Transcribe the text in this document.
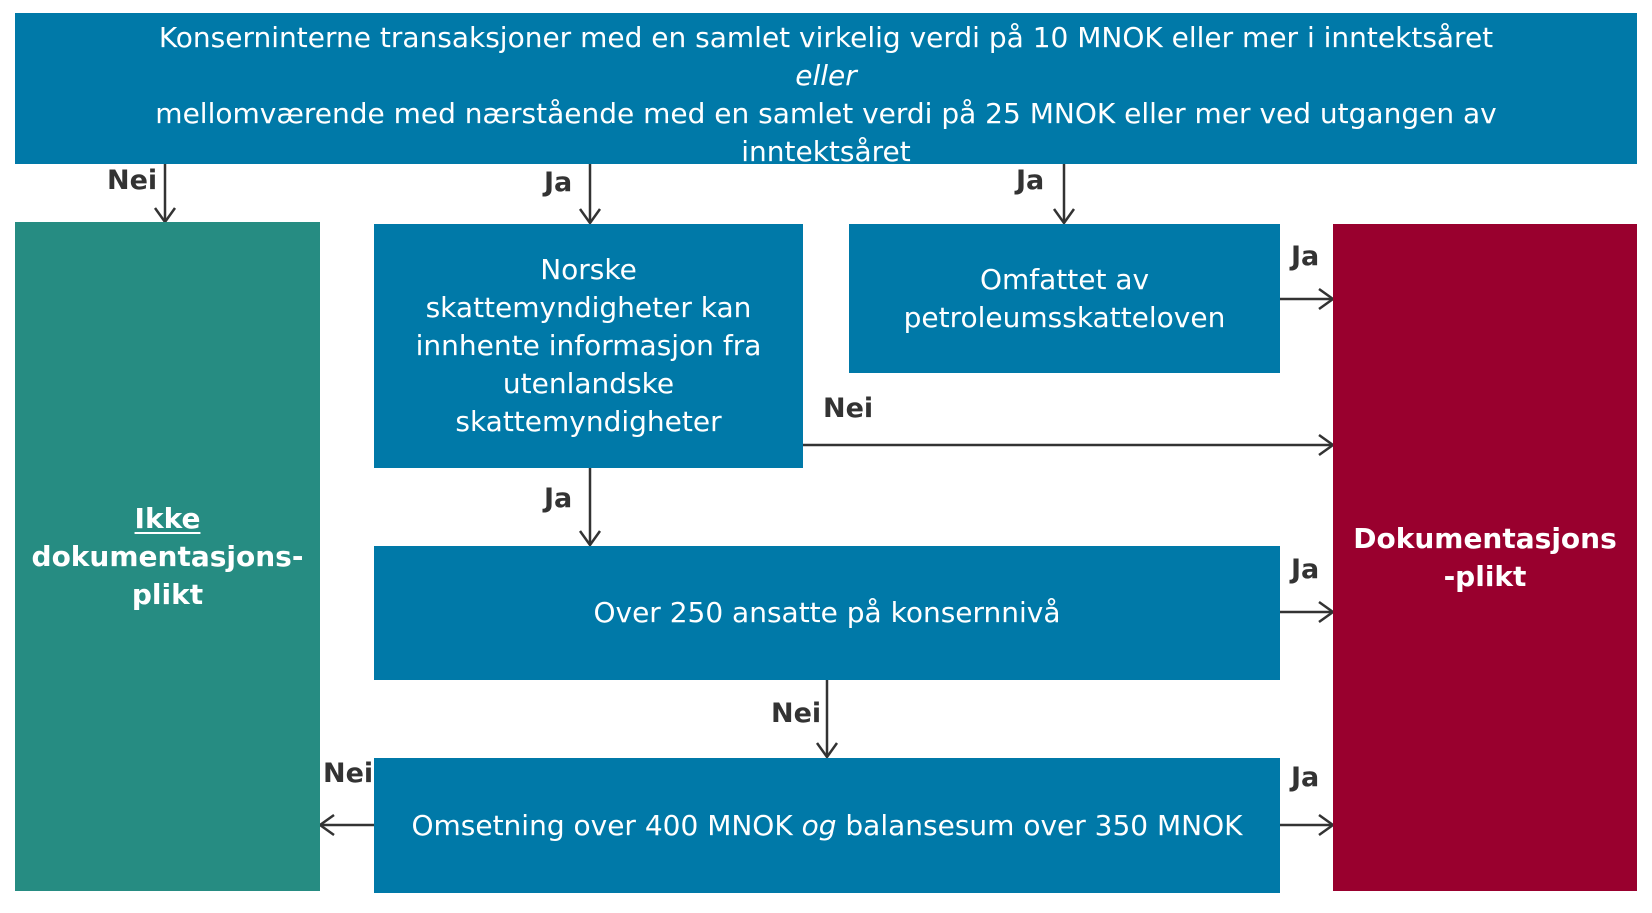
Konserninterne transaksjoner med en samlet virkelig verdi på 10 MNOK eller mer i inntektsåret
eller
mellomværende med nærstående med en samlet verdi på 25 MNOK eller mer ved utgangen av
inntektsåret
Ikke
dokumentasjons-
plikt
Dokumentasjons
-plikt
Norske
skattemyndigheter kan
innhente informasjon fra
utenlandske
skattemyndigheter
Omfattet av
petroleumsskatteloven
Over 250 ansatte på konsernnivå
Omsetning over 400 MNOK og balansesum over 350 MNOK
Nei	Ja	Ja
Ja
Nei
Ja
Ja
Nei
Nei	Ja
